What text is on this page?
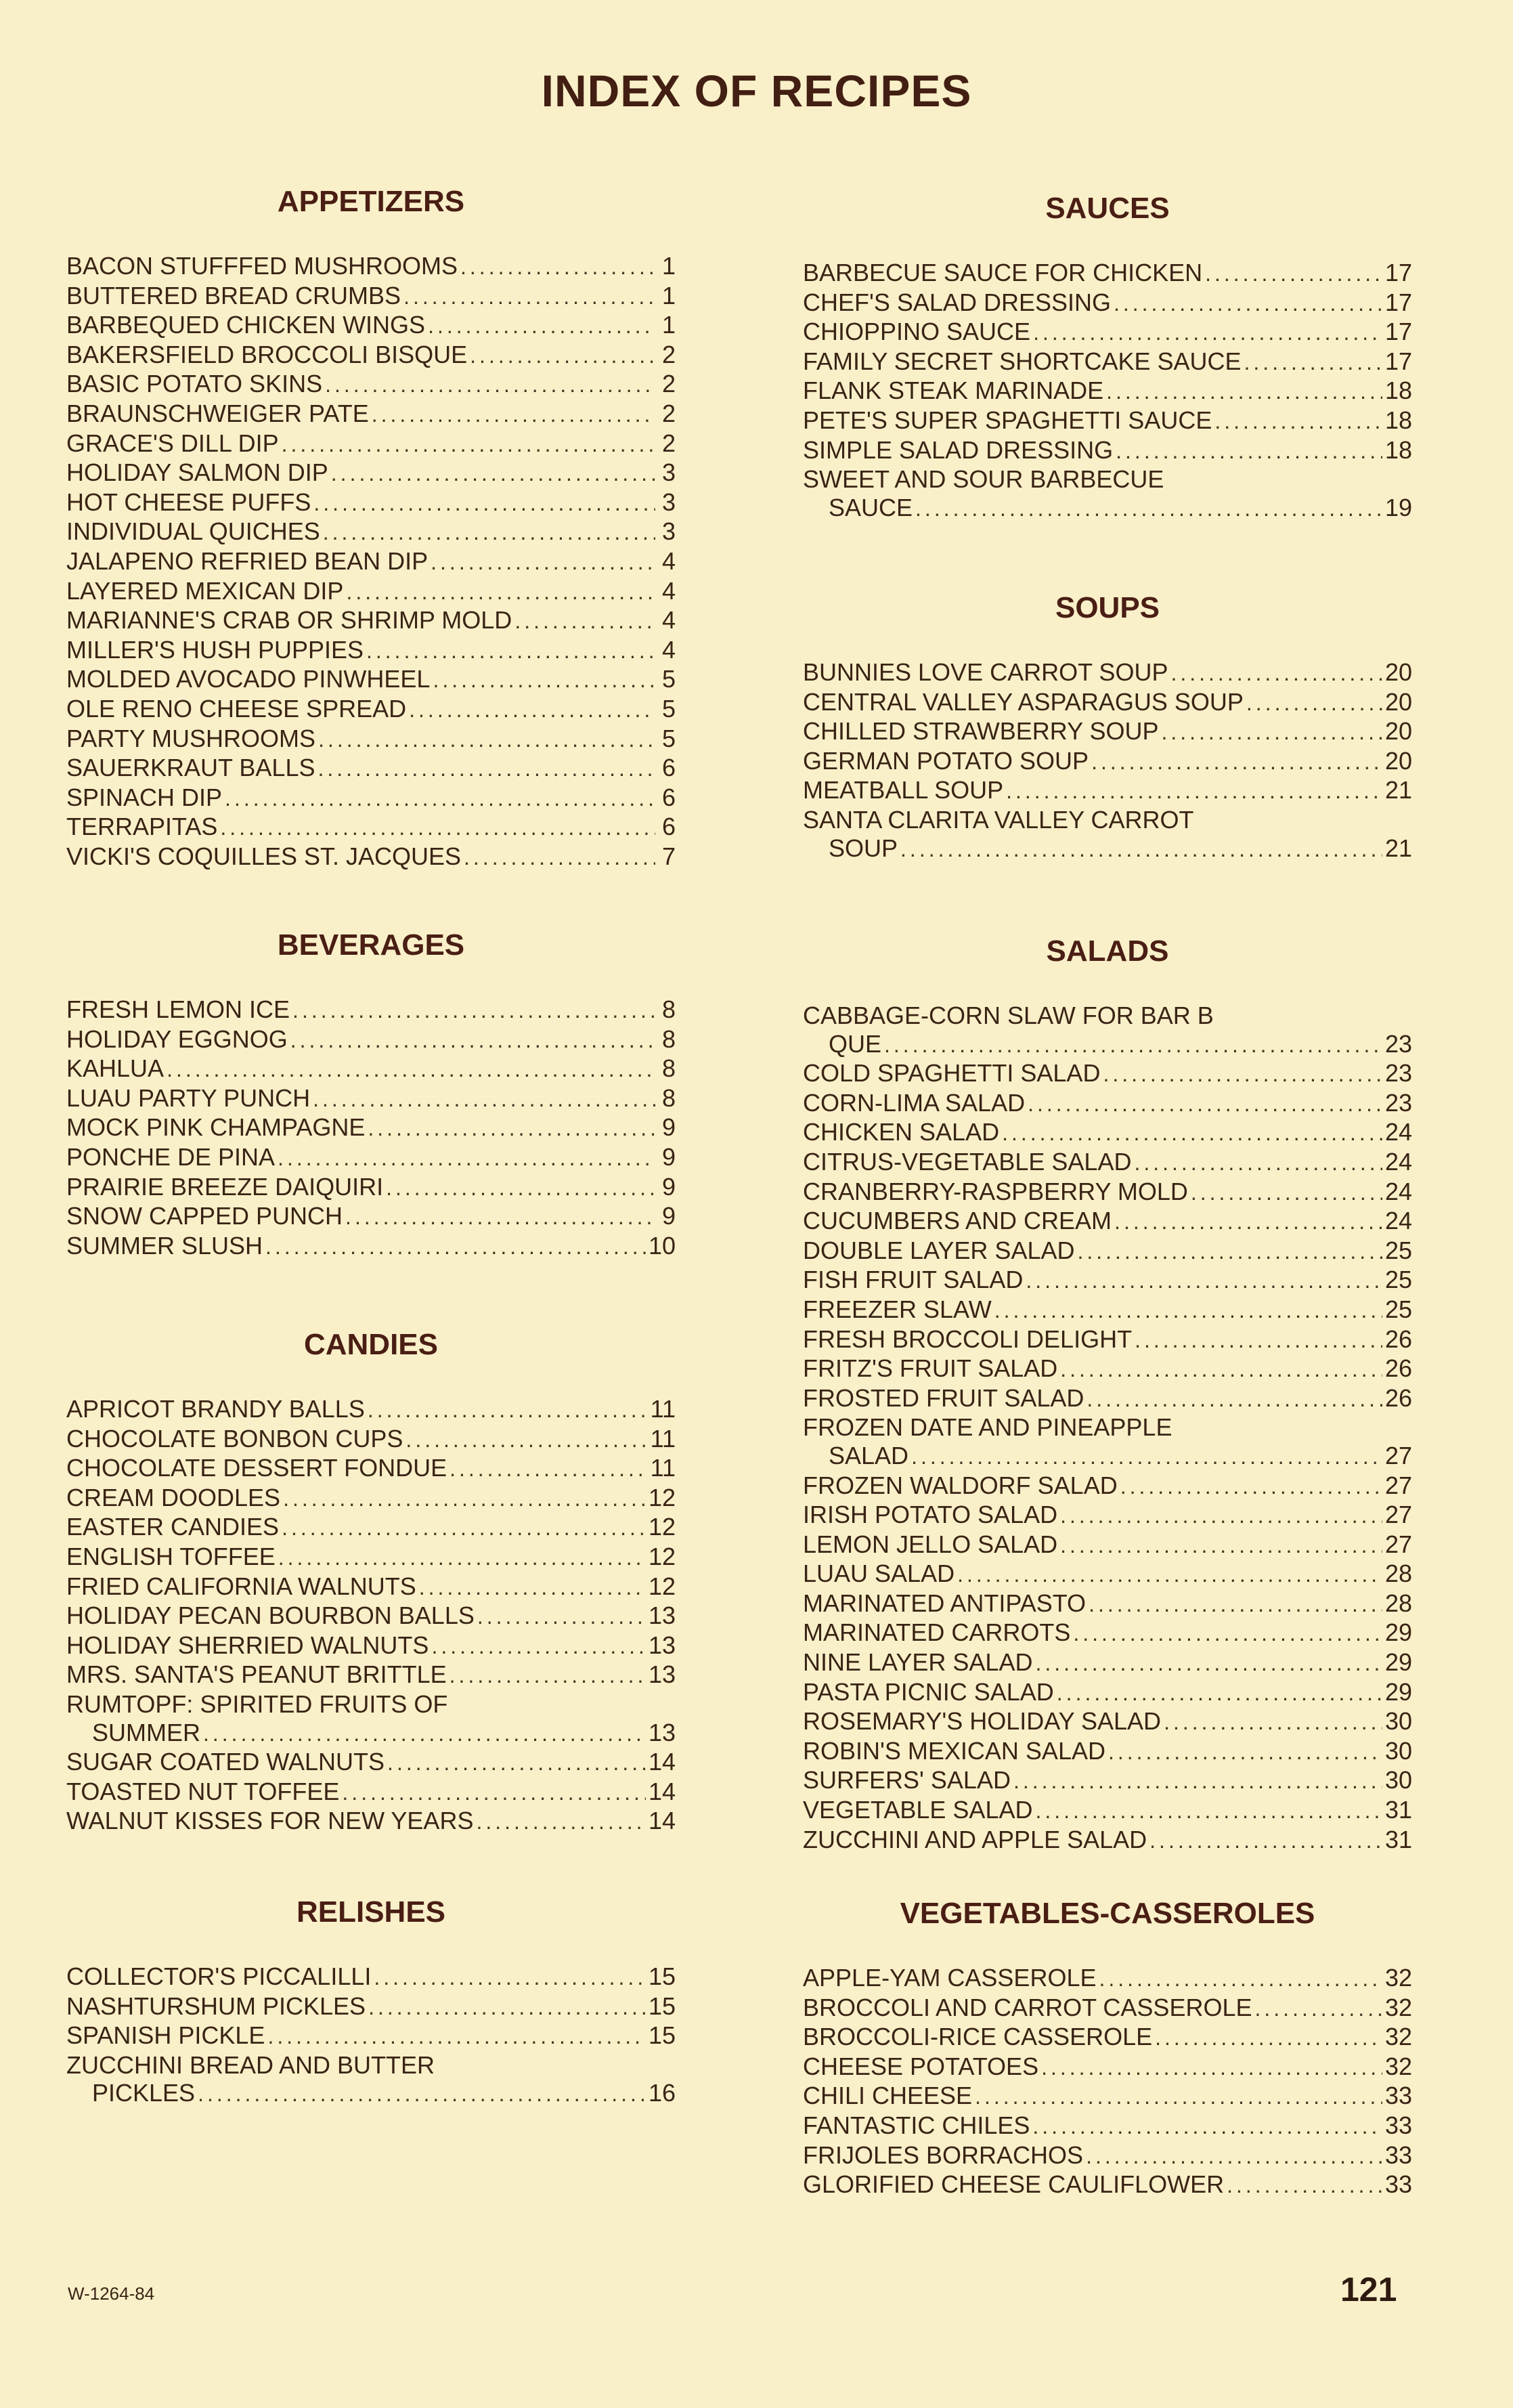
INDEX OF RECIPES
APPETIZERS
BACON STUFFFED MUSHROOMS .....	1
BUTTERED BREAD CRUMBS .....	1
BARBEQUED CHICKEN WINGS .....	1
BAKERSFIELD BROCCOLI BISQUE .....	2
BASIC POTATO SKINS .....	2
BRAUNSCHWEIGER PATE .....	2
GRACE'S DILL DIP .....	2
HOLIDAY SALMON DIP .....	3
HOT CHEESE PUFFS .....	3
INDIVIDUAL QUICHES .....	3
JALAPENO REFRIED BEAN DIP .....	4
LAYERED MEXICAN DIP .....	4
MARIANNE'S CRAB OR SHRIMP MOLD .....	4
MILLER'S HUSH PUPPIES .....	4
MOLDED AVOCADO PINWHEEL .....	5
OLE RENO CHEESE SPREAD .....	5
PARTY MUSHROOMS .....	5
SAUERKRAUT BALLS .....	6
SPINACH DIP .....	6
TERRAPITAS .....	6
VICKI'S COQUILLES ST. JACQUES .....	7
BEVERAGES
FRESH LEMON ICE .....	8
HOLIDAY EGGNOG .....	8
KAHLUA .....	8
LUAU PARTY PUNCH .....	8
MOCK PINK CHAMPAGNE .....	9
PONCHE DE PINA .....	9
PRAIRIE BREEZE DAIQUIRI .....	9
SNOW CAPPED PUNCH .....	9
SUMMER SLUSH .....	10
CANDIES
APRICOT BRANDY BALLS .....	11
CHOCOLATE BONBON CUPS .....	11
CHOCOLATE DESSERT FONDUE .....	11
CREAM DOODLES .....	12
EASTER CANDIES .....	12
ENGLISH TOFFEE .....	12
FRIED CALIFORNIA WALNUTS .....	12
HOLIDAY PECAN BOURBON BALLS .....	13
HOLIDAY SHERRIED WALNUTS .....	13
MRS. SANTA'S PEANUT BRITTLE .....	13
RUMTOPF: SPIRITED FRUITS OF
SUMMER .....	13
SUGAR COATED WALNUTS .....	14
TOASTED NUT TOFFEE .....	14
WALNUT KISSES FOR NEW YEARS .....	14
RELISHES
COLLECTOR'S PICCALILLI .....	15
NASHTURSHUM PICKLES .....	15
SPANISH PICKLE .....	15
ZUCCHINI BREAD AND BUTTER
PICKLES .....	16
SAUCES
BARBECUE SAUCE FOR CHICKEN .....	17
CHEF'S SALAD DRESSING .....	17
CHIOPPINO SAUCE .....	17
FAMILY SECRET SHORTCAKE SAUCE .....	17
FLANK STEAK MARINADE .....	18
PETE'S SUPER SPAGHETTI SAUCE .....	18
SIMPLE SALAD DRESSING .....	18
SWEET AND SOUR BARBECUE
SAUCE .....	19
SOUPS
BUNNIES LOVE CARROT SOUP .....	20
CENTRAL VALLEY ASPARAGUS SOUP .....	20
CHILLED STRAWBERRY SOUP .....	20
GERMAN POTATO SOUP .....	20
MEATBALL SOUP .....	21
SANTA CLARITA VALLEY CARROT
SOUP .....	21
SALADS
CABBAGE-CORN SLAW FOR BAR B
QUE .....	23
COLD SPAGHETTI SALAD .....	23
CORN-LIMA SALAD .....	23
CHICKEN SALAD .....	24
CITRUS-VEGETABLE SALAD .....	24
CRANBERRY-RASPBERRY MOLD .....	24
CUCUMBERS AND CREAM .....	24
DOUBLE LAYER SALAD .....	25
FISH FRUIT SALAD .....	25
FREEZER SLAW .....	25
FRESH BROCCOLI DELIGHT .....	26
FRITZ'S FRUIT SALAD .....	26
FROSTED FRUIT SALAD .....	26
FROZEN DATE AND PINEAPPLE
SALAD .....	27
FROZEN WALDORF SALAD .....	27
IRISH POTATO SALAD .....	27
LEMON JELLO SALAD .....	27
LUAU SALAD .....	28
MARINATED ANTIPASTO .....	28
MARINATED CARROTS .....	29
NINE LAYER SALAD .....	29
PASTA PICNIC SALAD .....	29
ROSEMARY'S HOLIDAY SALAD .....	30
ROBIN'S MEXICAN SALAD .....	30
SURFERS' SALAD .....	30
VEGETABLE SALAD .....	31
ZUCCHINI AND APPLE SALAD .....	31
VEGETABLES-CASSEROLES
APPLE-YAM CASSEROLE .....	32
BROCCOLI AND CARROT CASSEROLE .....	32
BROCCOLI-RICE CASSEROLE .....	32
CHEESE POTATOES .....	32
CHILI CHEESE .....	33
FANTASTIC CHILES .....	33
FRIJOLES BORRACHOS .....	33
GLORIFIED CHEESE CAULIFLOWER .....	33
W-1264-84	121
